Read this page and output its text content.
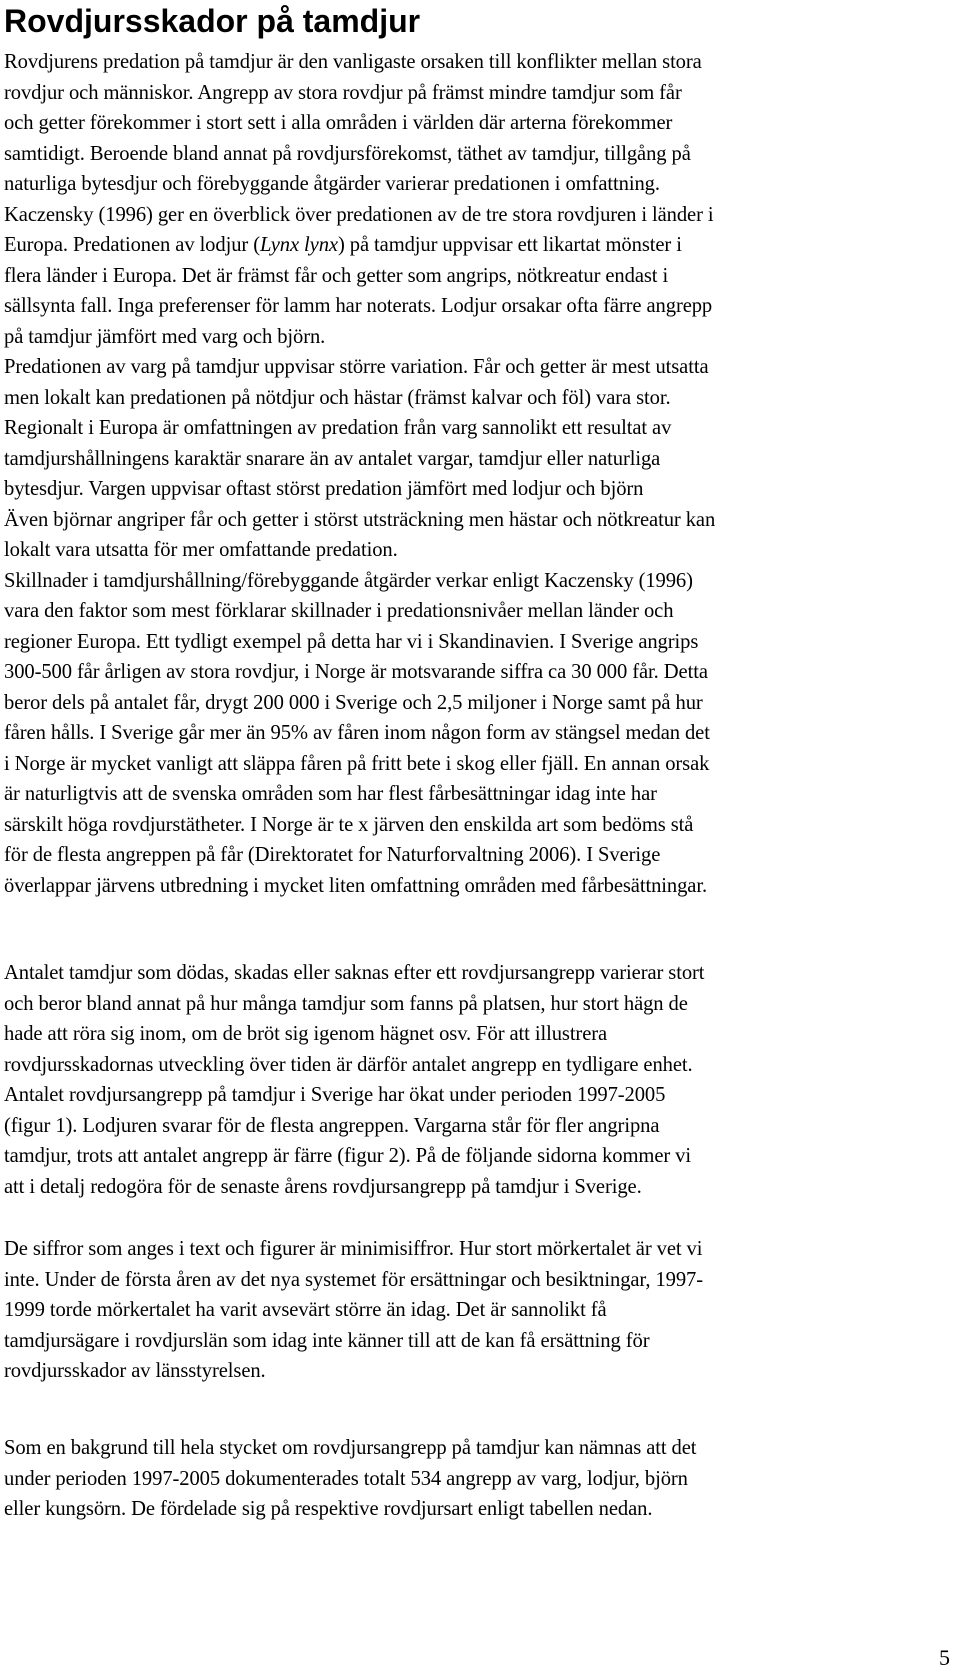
Rovdjursskador på tamdjur
Rovdjurens predation på tamdjur är den vanligaste orsaken till konflikter mellan stora
rovdjur och människor. Angrepp av stora rovdjur på främst mindre tamdjur som får
och getter förekommer i stort sett i alla områden i världen där arterna förekommer
samtidigt. Beroende bland annat på rovdjursförekomst, täthet av tamdjur, tillgång på
naturliga bytesdjur och förebyggande åtgärder varierar predationen i omfattning.
Kaczensky (1996) ger en överblick över predationen av de tre stora rovdjuren i länder i
Europa. Predationen av lodjur (Lynx lynx) på tamdjur uppvisar ett likartat mönster i
flera länder i Europa. Det är främst får och getter som angrips, nötkreatur endast i
sällsynta fall. Inga preferenser för lamm har noterats. Lodjur orsakar ofta färre angrepp
på tamdjur jämfört med varg och björn.
Predationen av varg på tamdjur uppvisar större variation. Får och getter är mest utsatta
men lokalt kan predationen på nötdjur och hästar (främst kalvar och föl) vara stor.
Regionalt i Europa är omfattningen av predation från varg sannolikt ett resultat av
tamdjurshållningens karaktär snarare än av antalet vargar, tamdjur eller naturliga
bytesdjur. Vargen uppvisar oftast störst predation jämfört med lodjur och björn
Även björnar angriper får och getter i störst utsträckning men hästar och nötkreatur kan
lokalt vara utsatta för mer omfattande predation.
Skillnader i tamdjurshållning/förebyggande åtgärder verkar enligt Kaczensky (1996)
vara den faktor som mest förklarar skillnader i predationsnivåer mellan länder och
regioner Europa. Ett tydligt exempel på detta har vi i Skandinavien. I Sverige angrips
300-500 får årligen av stora rovdjur, i Norge är motsvarande siffra ca 30 000 får. Detta
beror dels på antalet får, drygt 200 000 i Sverige och 2,5 miljoner i Norge samt på hur
fåren hålls. I Sverige går mer än 95% av fåren inom någon form av stängsel medan det
i Norge är mycket vanligt att släppa fåren på fritt bete i skog eller fjäll. En annan orsak
är naturligtvis att de svenska områden som har flest fårbesättningar idag inte har
särskilt höga rovdjurstätheter. I Norge är te x järven den enskilda art som bedöms stå
för de flesta angreppen på får (Direktoratet for Naturforvaltning 2006). I Sverige
överlappar järvens utbredning i mycket liten omfattning områden med fårbesättningar.
Antalet tamdjur som dödas, skadas eller saknas efter ett rovdjursangrepp varierar stort
och beror bland annat på hur många tamdjur som fanns på platsen, hur stort hägn de
hade att röra sig inom, om de bröt sig igenom hägnet osv. För att illustrera
rovdjursskadornas utveckling över tiden är därför antalet angrepp en tydligare enhet.
Antalet rovdjursangrepp på tamdjur i Sverige har ökat under perioden 1997-2005
(figur 1). Lodjuren svarar för de flesta angreppen. Vargarna står för fler angripna
tamdjur, trots att antalet angrepp är färre (figur 2). På de följande sidorna kommer vi
att i detalj redogöra för de senaste årens rovdjursangrepp på tamdjur i Sverige.
De siffror som anges i text och figurer är minimisiffror. Hur stort mörkertalet är vet vi
inte. Under de första åren av det nya systemet för ersättningar och besiktningar, 1997-
1999 torde mörkertalet ha varit avsevärt större än idag. Det är sannolikt få
tamdjursägare i rovdjurslän som idag inte känner till att de kan få ersättning för
rovdjursskador av länsstyrelsen.
Som en bakgrund till hela stycket om rovdjursangrepp på tamdjur kan nämnas att det
under perioden 1997-2005 dokumenterades totalt 534 angrepp av varg, lodjur, björn
eller kungsörn. De fördelade sig på respektive rovdjursart enligt tabellen nedan.
5
